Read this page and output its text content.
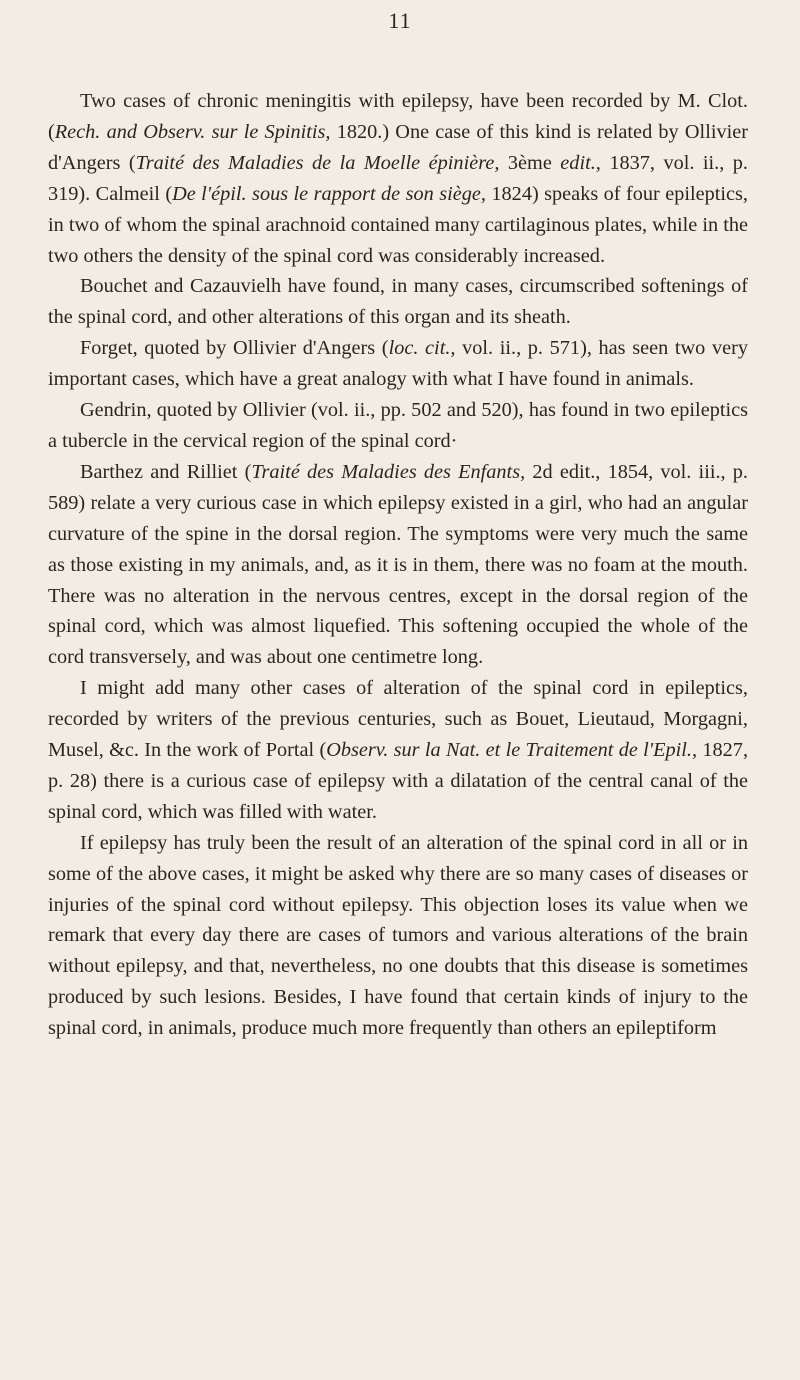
11

Two cases of chronic meningitis with epilepsy, have been recorded by M. Clot. (Rech. and Observ. sur le Spinitis, 1820.) One case of this kind is related by Ollivier d'Angers (Traité des Maladies de la Moelle épinière, 3ème edit., 1837, vol. ii., p. 319). Calmeil (De l'épil. sous le rapport de son siège, 1824) speaks of four epileptics, in two of whom the spinal arachnoid contained many cartilaginous plates, while in the two others the density of the spinal cord was considerably increased.

Bouchet and Cazauvielh have found, in many cases, circumscribed softenings of the spinal cord, and other alterations of this organ and its sheath.

Forget, quoted by Ollivier d'Angers (loc. cit., vol. ii., p. 571), has seen two very important cases, which have a great analogy with what I have found in animals.

Gendrin, quoted by Ollivier (vol. ii., pp. 502 and 520), has found in two epileptics a tubercle in the cervical region of the spinal cord·

Barthez and Rilliet (Traité des Maladies des Enfants, 2d edit., 1854, vol. iii., p. 589) relate a very curious case in which epilepsy existed in a girl, who had an angular curvature of the spine in the dorsal region. The symptoms were very much the same as those existing in my animals, and, as it is in them, there was no foam at the mouth. There was no alteration in the nervous centres, except in the dorsal region of the spinal cord, which was almost liquefied. This softening occupied the whole of the cord transversely, and was about one centimetre long.

I might add many other cases of alteration of the spinal cord in epileptics, recorded by writers of the previous centuries, such as Bouet, Lieutaud, Morgagni, Musel, &c. In the work of Portal (Observ. sur la Nat. et le Traitement de l'Epil., 1827, p. 28) there is a curious case of epilepsy with a dilatation of the central canal of the spinal cord, which was filled with water.

If epilepsy has truly been the result of an alteration of the spinal cord in all or in some of the above cases, it might be asked why there are so many cases of diseases or injuries of the spinal cord without epilepsy. This objection loses its value when we remark that every day there are cases of tumors and various alterations of the brain without epilepsy, and that, nevertheless, no one doubts that this disease is sometimes produced by such lesions. Besides, I have found that certain kinds of injury to the spinal cord, in animals, produce much more frequently than others an epileptiform
